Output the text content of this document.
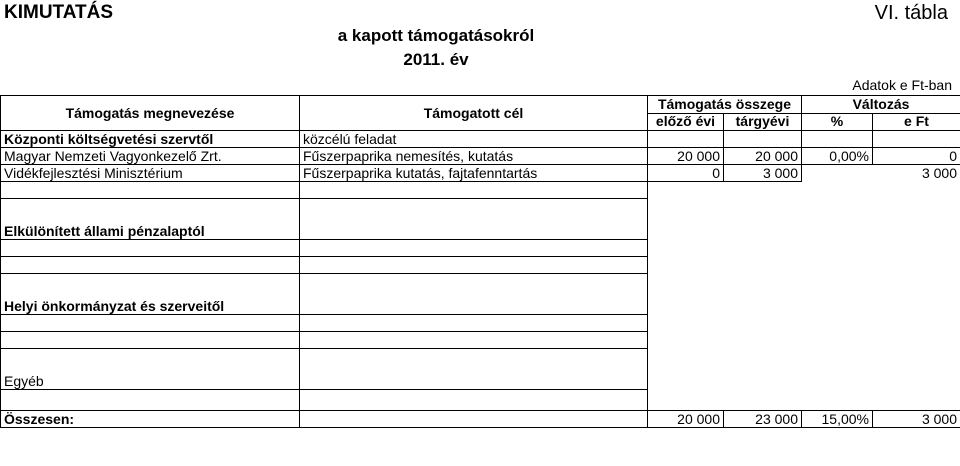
KIMUTATÁS	VI. tábla
a kapott támogatásokról
2011. év
Adatok e Ft-ban
Támogatás megnevezése	Támogatott cél	Támogatás összege		Változás	
		előző évi	tárgyévi	%	e Ft
Központi költségvetési szervtől	közcélú feladat				
Magyar Nemzeti Vagyonkezelő Zrt.	Fűszerpaprika nemesítés, kutatás	20 000	20 000	0,00%	0
Vidékfejlesztési Minisztérium	Fűszerpaprika kutatás, fajtafenntartás	0	3 000		3 000

Elkülönített állami pénzalaptól					

Helyi önkormányzat és szerveitől					

Egyéb					

Összesen:		20 000	23 000	15,00%	3 000
